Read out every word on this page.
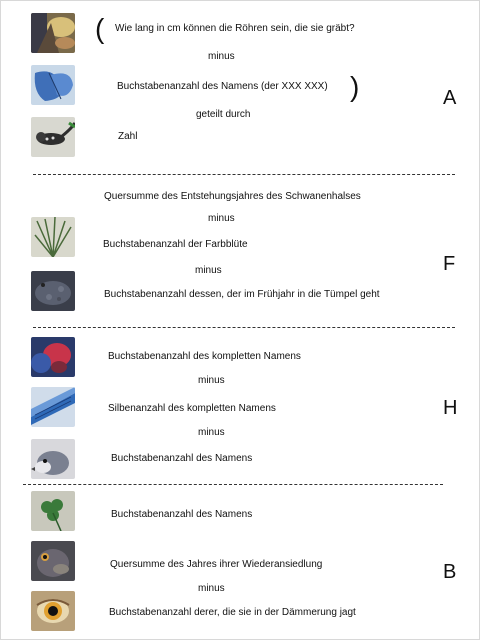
( Wie lang in cm können die Röhren sein, die sie gräbt?
minus
Buchstabenanzahl des Namens (der XXX XXX) )	A
geteilt durch
Zahl
Quersumme des Entstehungsjahres des Schwanenhalses
minus
Buchstabenanzahl der Farbblüte
minus	F
Buchstabenanzahl dessen, der im Frühjahr in die Tümpel geht
Buchstabenanzahl des kompletten Namens
minus
Silbenanzahl des kompletten Namens	H
minus
Buchstabenanzahl des Namens
Buchstabenanzahl des Namens
Quersumme des Jahres ihrer Wiederansiedlung	B
minus
Buchstabenanzahl derer, die sie in der Dämmerung jagt
